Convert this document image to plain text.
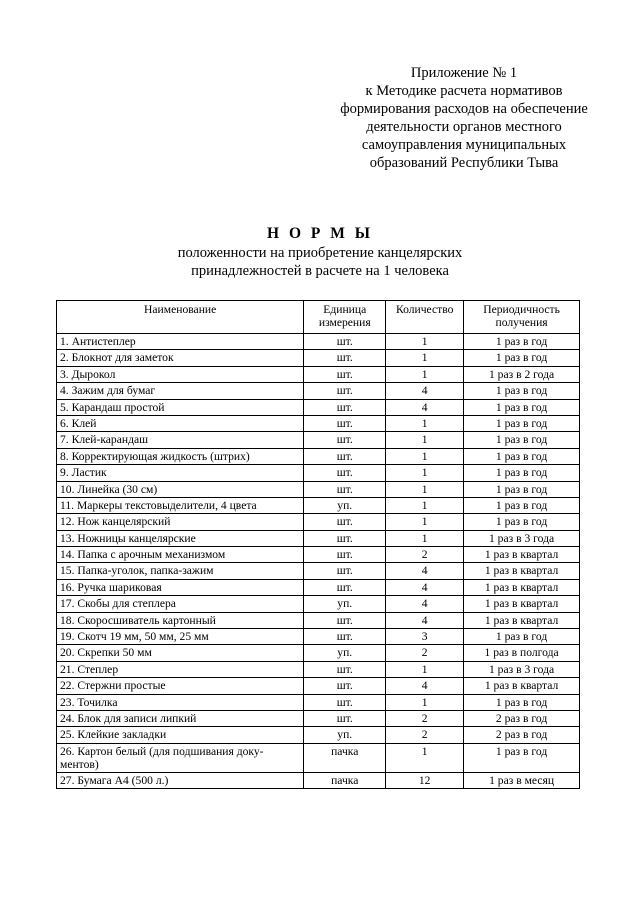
Приложение № 1
к Методике расчета нормативов
формирования расходов на обеспечение
деятельности органов местного
самоуправления муниципальных
образований Республики Тыва
Н О Р М Ы
положенности на приобретение канцелярских
принадлежностей в расчете на 1 человека
Наименование	Единица измерения	Количество	Периодичность получения
1. Антистеплер	шт.	1	1 раз в год
2. Блокнот для заметок	шт.	1	1 раз в год
3. Дырокол	шт.	1	1 раз в 2 года
4. Зажим для бумаг	шт.	4	1 раз в год
5. Карандаш простой	шт.	4	1 раз в год
6. Клей	шт.	1	1 раз в год
7. Клей-карандаш	шт.	1	1 раз в год
8. Корректирующая жидкость (штрих)	шт.	1	1 раз в год
9. Ластик	шт.	1	1 раз в год
10. Линейка (30 см)	шт.	1	1 раз в год
11. Маркеры текстовыделители, 4 цвета	уп.	1	1 раз в год
12. Нож канцелярский	шт.	1	1 раз в год
13. Ножницы канцелярские	шт.	1	1 раз в 3 года
14. Папка с арочным механизмом	шт.	2	1 раз в квартал
15. Папка-уголок, папка-зажим	шт.	4	1 раз в квартал
16. Ручка шариковая	шт.	4	1 раз в квартал
17. Скобы для степлера	уп.	4	1 раз в квартал
18. Скоросшиватель картонный	шт.	4	1 раз в квартал
19. Скотч 19 мм, 50 мм, 25 мм	шт.	3	1 раз в год
20. Скрепки 50 мм	уп.	2	1 раз в полгода
21. Степлер	шт.	1	1 раз в 3 года
22. Стержни простые	шт.	4	1 раз в квартал
23. Точилка	шт.	1	1 раз в год
24. Блок для записи липкий	шт.	2	2 раз в год
25. Клейкие закладки	уп.	2	2 раз в год
26. Картон белый (для подшивания доку-ментов)	пачка	1	1 раз в год
27. Бумага А4 (500 л.)	пачка	12	1 раз в месяц
